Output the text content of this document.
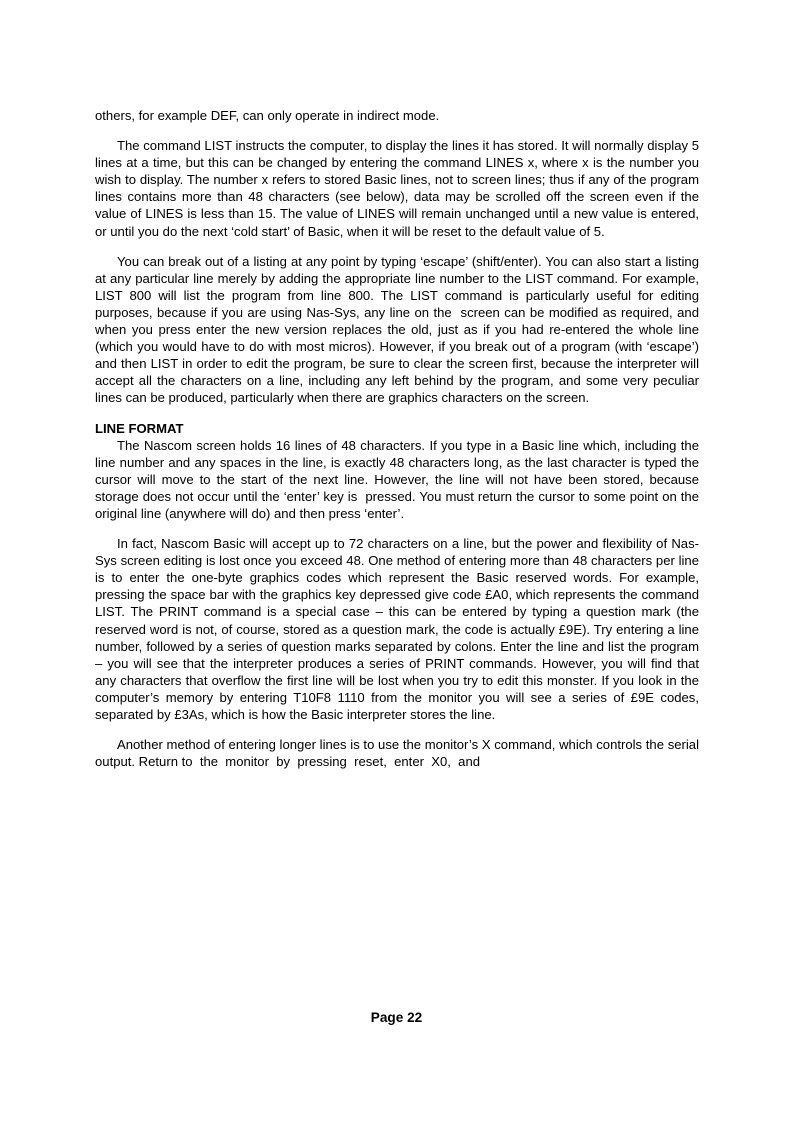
others, for example DEF, can only operate in indirect mode.

The command LIST instructs the computer, to display the lines it has stored. It will normally display 5 lines at a time, but this can be changed by entering the command LINES x, where x is the number you wish to display. The number x refers to stored Basic lines, not to screen lines; thus if any of the program lines contains more than 48 characters (see below), data may be scrolled off the screen even if the value of LINES is less than 15. The value of LINES will remain unchanged until a new value is entered, or until you do the next ‘cold start’ of Basic, when it will be reset to the default value of 5.

You can break out of a listing at any point by typing ‘escape’ (shift/enter). You can also start a listing at any particular line merely by adding the appropriate line number to the LIST command. For example, LIST 800 will list the program from line 800. The LIST command is particularly useful for editing purposes, because if you are using Nas-Sys, any line on the  screen can be modified as required, and when you press enter the new version replaces the old, just as if you had re-entered the whole line (which you would have to do with most micros). However, if you break out of a program (with ‘escape’) and then LIST in order to edit the program, be sure to clear the screen first, because the interpreter will accept all the characters on a line, including any left behind by the program, and some very peculiar lines can be produced, particularly when there are graphics characters on the screen.

LINE FORMAT

The Nascom screen holds 16 lines of 48 characters. If you type in a Basic line which, including the line number and any spaces in the line, is exactly 48 characters long, as the last character is typed the cursor will move to the start of the next line. However, the line will not have been stored, because storage does not occur until the ‘enter’ key is  pressed. You must return the cursor to some point on the original line (anywhere will do) and then press ‘enter’.

In fact, Nascom Basic will accept up to 72 characters on a line, but the power and flexibility of Nas-Sys screen editing is lost once you exceed 48. One method of entering more than 48 characters per line is to enter the one-byte graphics codes which represent the Basic reserved words. For example, pressing the space bar with the graphics key depressed give code £A0, which represents the command LIST. The PRINT command is a special case – this can be entered by typing a question mark (the reserved word is not, of course, stored as a question mark, the code is actually £9E). Try entering a line number, followed by a series of question marks separated by colons. Enter the line and list the program – you will see that the interpreter produces a series of PRINT commands. However, you will find that any characters that overflow the first line will be lost when you try to edit this monster. If you look in the computer’s memory by entering T10F8 1110 from the monitor you will see a series of £9E codes, separated by £3As, which is how the Basic interpreter stores the line.

Another method of entering longer lines is to use the monitor’s X command, which controls the serial output. Return to  the  monitor  by  pressing  reset,  enter  X0,  and

Page 22
